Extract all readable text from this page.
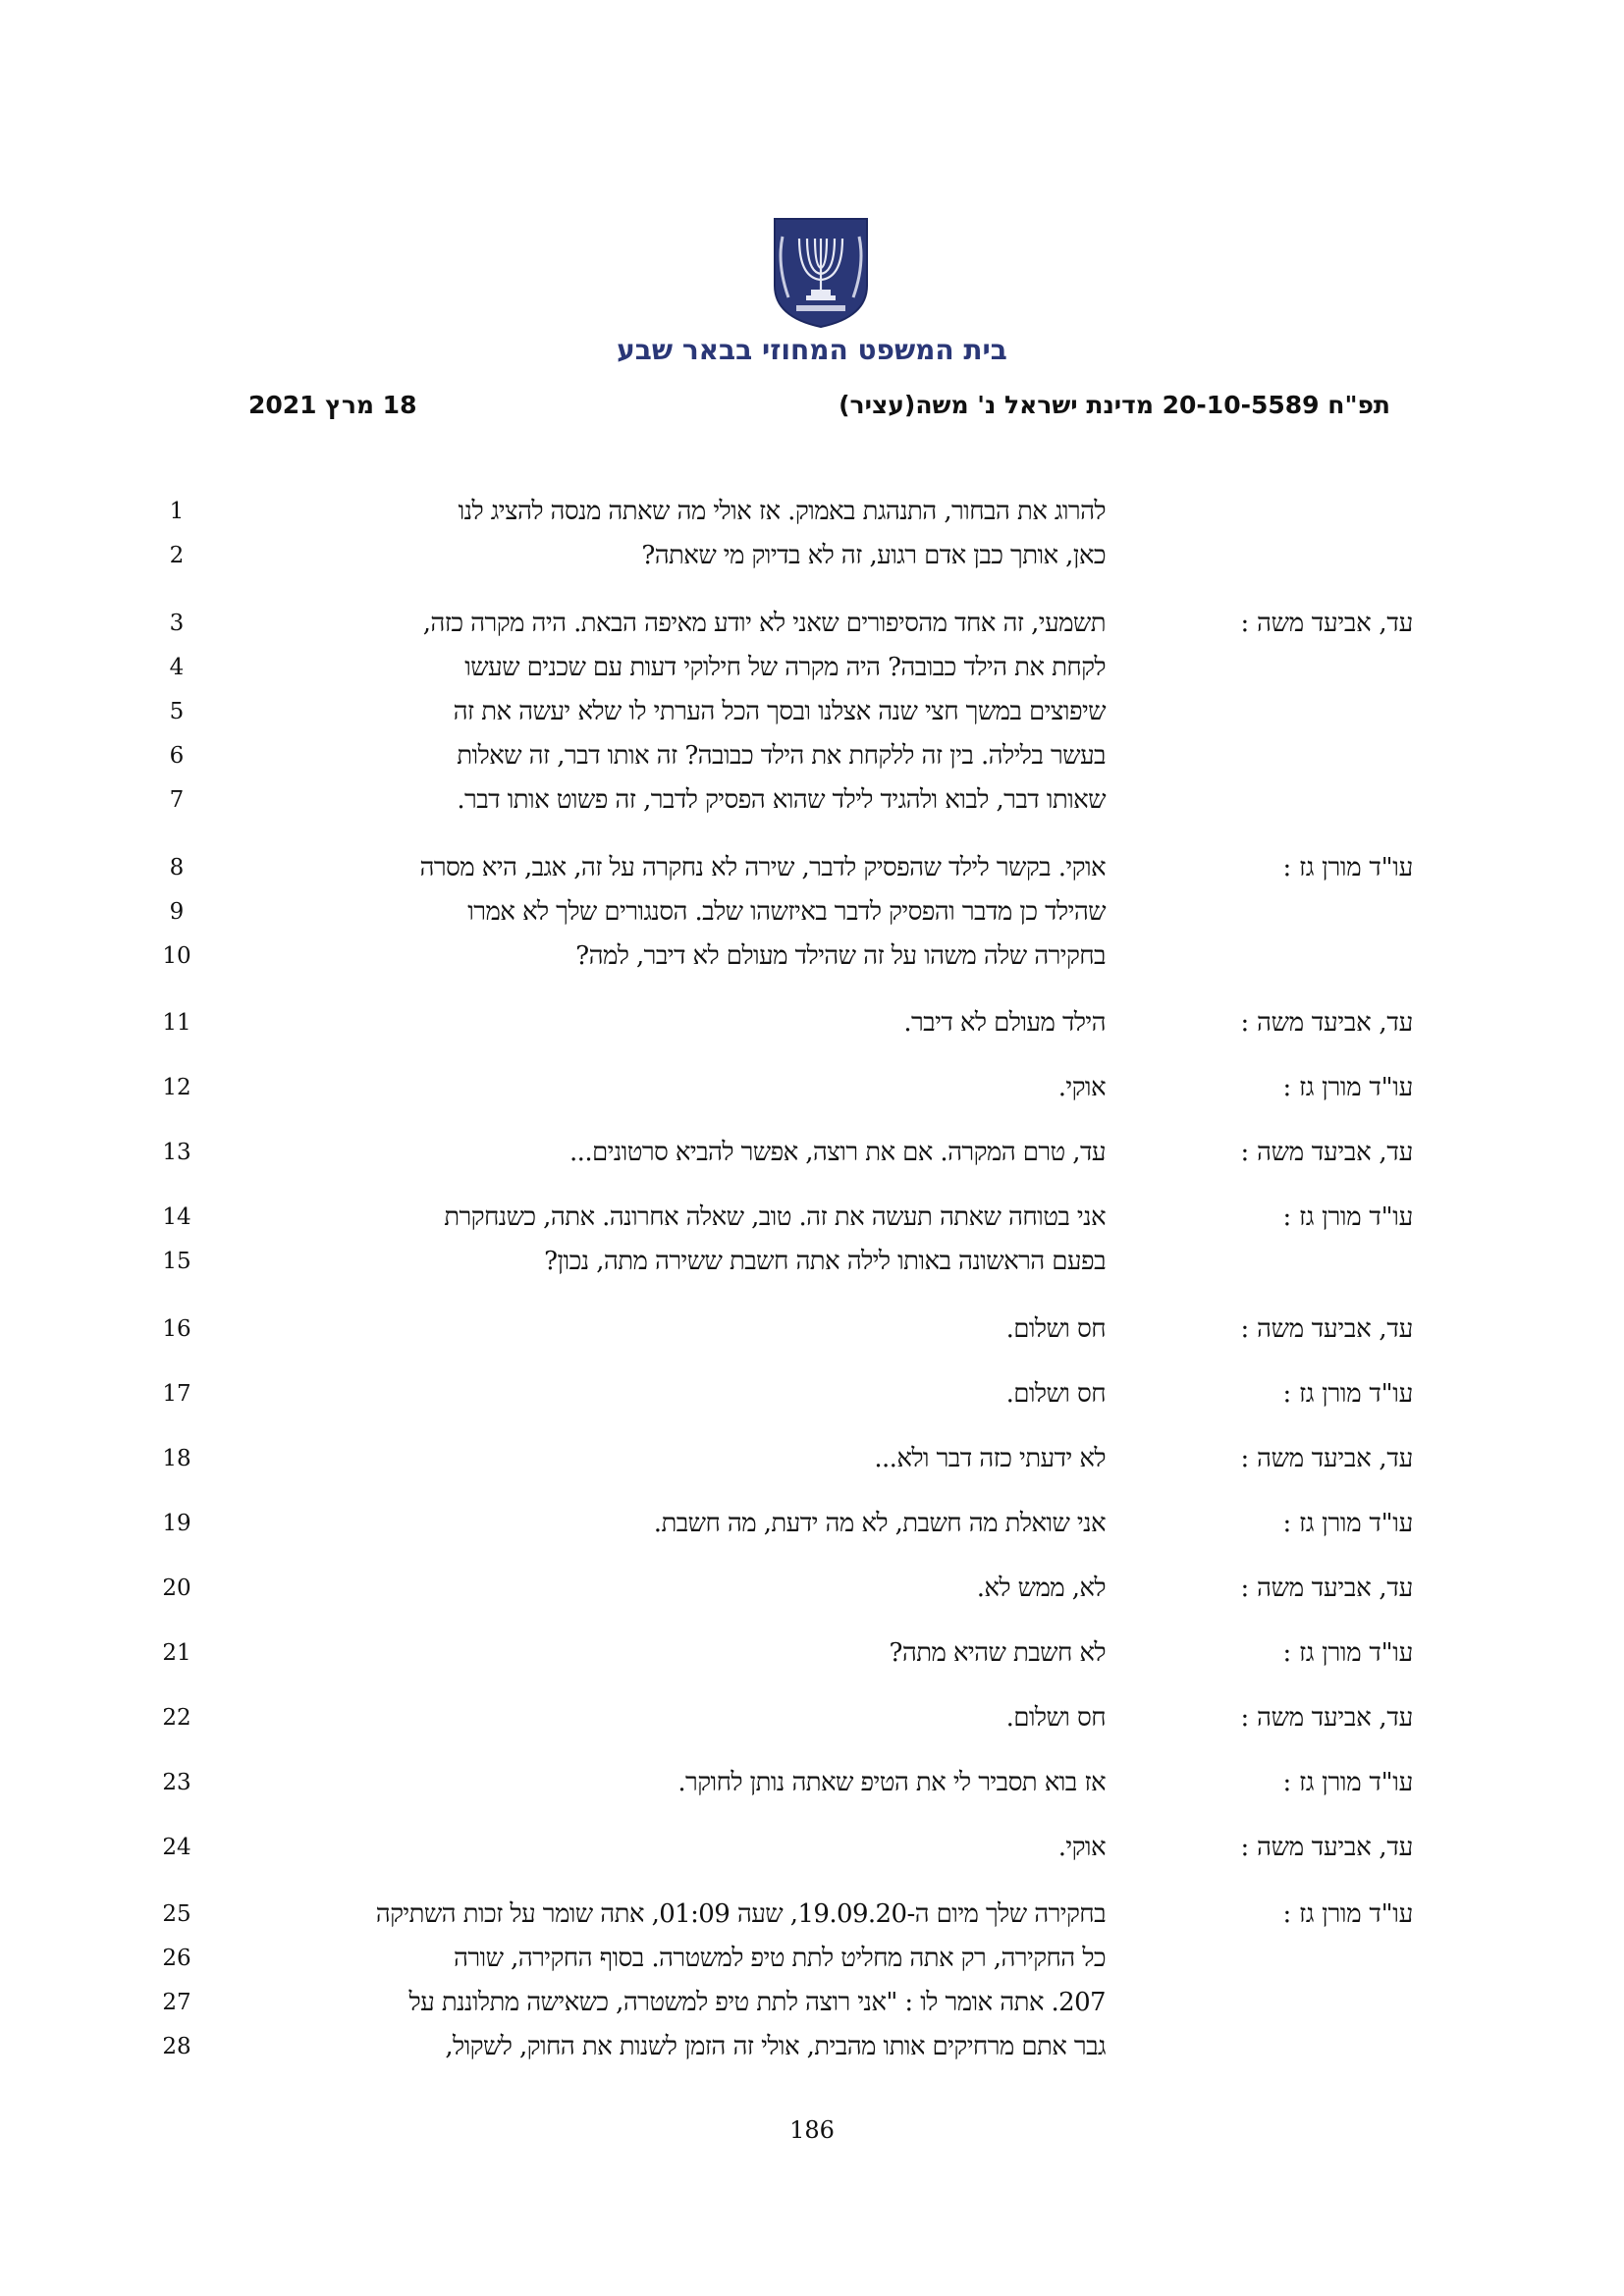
בית המשפט המחוזי בבאר שבע
תפ"ח 20-10-5589 מדינת ישראל נ' משה(עציר)
18 מרץ 2021
1	להרוג את הבחור, התנהגת באמוק. אז אולי מה שאתה מנסה להציג לנו
2	כאן, אותך כבן אדם רגוע, זה לא בדיוק מי שאתה?
3	תשמעי, זה אחד מהסיפורים שאני לא יודע מאיפה הבאת. היה מקרה כזה,	עד, אביעד משה :
4	לקחת את הילד כבובה? היה מקרה של חילוקי דעות עם שכנים שעשו
5	שיפוצים במשך חצי שנה אצלנו ובסך הכל הערתי לו שלא יעשה את זה
6	בעשר בלילה. בין זה ללקחת את הילד כבובה? זה אותו דבר, זה שאלות
7	שאותו דבר, לבוא ולהגיד לילד שהוא הפסיק לדבר, זה פשוט אותו דבר.
8	אוקי. בקשר לילד שהפסיק לדבר, שירה לא נחקרה על זה, אגב, היא מסרה	עו"ד מורן גז :
9	שהילד כן מדבר והפסיק לדבר באיזשהו שלב. הסנגורים שלך לא אמרו
10	בחקירה שלה משהו על זה שהילד מעולם לא דיבר, למה?
11	הילד מעולם לא דיבר.	עד, אביעד משה :
12	אוקי.	עו"ד מורן גז :
13	עד, טרם המקרה. אם את רוצה, אפשר להביא סרטונים...	עד, אביעד משה :
14	אני בטוחה שאתה תעשה את זה. טוב, שאלה אחרונה. אתה, כשנחקרת	עו"ד מורן גז :
15	בפעם הראשונה באותו לילה אתה חשבת ששירה מתה, נכון?
16	חס ושלום.	עד, אביעד משה :
17	חס ושלום.	עו"ד מורן גז :
18	לא ידעתי כזה דבר ולא...	עד, אביעד משה :
19	אני שואלת מה חשבת, לא מה ידעת, מה חשבת.	עו"ד מורן גז :
20	לא, ממש לא.	עד, אביעד משה :
21	לא חשבת שהיא מתה?	עו"ד מורן גז :
22	חס ושלום.	עד, אביעד משה :
23	אז בוא תסביר לי את הטיפ שאתה נותן לחוקר.	עו"ד מורן גז :
24	אוקי.	עד, אביעד משה :
25	בחקירה שלך מיום ה-19.09.20, שעה 01:09, אתה שומר על זכות השתיקה	עו"ד מורן גז :
26	כל החקירה, רק אתה מחליט לתת טיפ למשטרה. בסוף החקירה, שורה
27	207. אתה אומר לו : "אני רוצה לתת טיפ למשטרה, כשאישה מתלוננת על
28	גבר אתם מרחיקים אותו מהבית, אולי זה הזמן לשנות את החוק, לשקול,
186
